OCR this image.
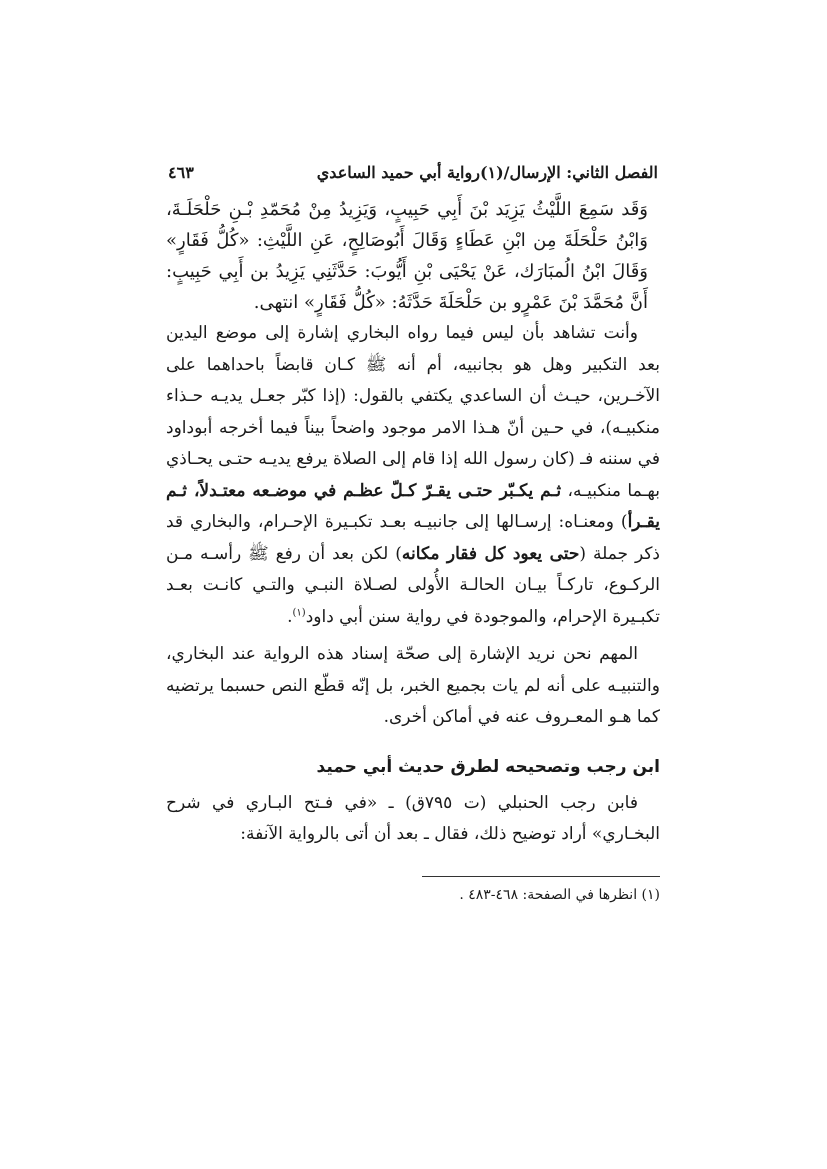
الفصل الثاني: الإرسال/(١)رواية أبي حميد الساعدي
٤٦٣

وَقَد سَمِعَ اللَّيْثُ يَزِيَد بْنَ أَبِي حَبِيبٍ، وَيَزِيدُ مِنْ مُحَمّدِ بْـنِ حَلْحَلَـةَ،

وَابْنُ حَلْحَلَةَ مِن ابْنِ عَطَاءٍ وَقَالَ أَبُوصَالِحٍ، عَنِ اللَّيْثِ: «كُلُّ فَقَارٍ»

وَقَالَ ابْنُ الُمبَارَك، عَنْ يَحْيَى بْنِ أَيُّوبَ: حَدَّثَنِي يَزِيدُ بن أَبِي حَبِيبٍ:

أَنَّ مُحَمَّدَ بْنَ عَمْرٍو بن حَلْحَلَةَ حَدَّثَهُ: «كُلُّ فَقَارٍ» انتهى.

وأنت تشاهد بأن ليس فيما رواه البخاري إشارة إلى موضع اليدين بعد التكبير وهل هو بجانبيه، أم أنه ﷺ كـان قابضاً باحداهما على الآخـرين، حيـث أن الساعدي يكتفي بالقول: (إذا كبّر جعـل يديـه حـذاء منكبيـه)، في حـين أنّ هـذا الامر موجود واضحاً بيناً فيما أخرجه أبوداود في سننه فـ (كان رسول الله إذا قام إلى الصلاة يرفع يديـه حتـى يحـاذي بهـما منكبيـه، ثـم يكـبّر حتـى يقـرّ كـلّ عظـم في موضـعه معتـدلاً، ثـم يقـرأ) ومعنـاه: إرسـالها إلى جانبيـه بعـد تكبـيرة الإحـرام، والبخاري قد ذكر جملة (حتى يعود كل فقار مكانه) لكن بعد أن رفع ﷺ رأسـه مـن الركـوع، تاركـاً بيـان الحالـة الأُولى لصـلاة النبـي والتـي كانـت بعـد تكبـيرة الإحرام، والموجودة في رواية سنن أبي داود$^{(١)}$.

المهم نحن نريد الإشارة إلى صحّة إسناد هذه الرواية عند البخاري، والتنبيـه على أنه لم يات بجميع الخبر، بل إنّه قطّع النص حسبما يرتضيه كما هـو المعـروف عنه في أماكن أخرى.

ابن رجب وتصحيحه لطرق حديث أبي حميد

فابن رجب الحنبلي (ت ٧٩٥ق) ـ «في فـتح البـاري في شرح البخـاري» أراد توضيح ذلك، فقال ـ بعد أن أتى بالرواية الآنفة:

(١) انظرها في الصفحة: ٤٦٨-٤٨٣ .
